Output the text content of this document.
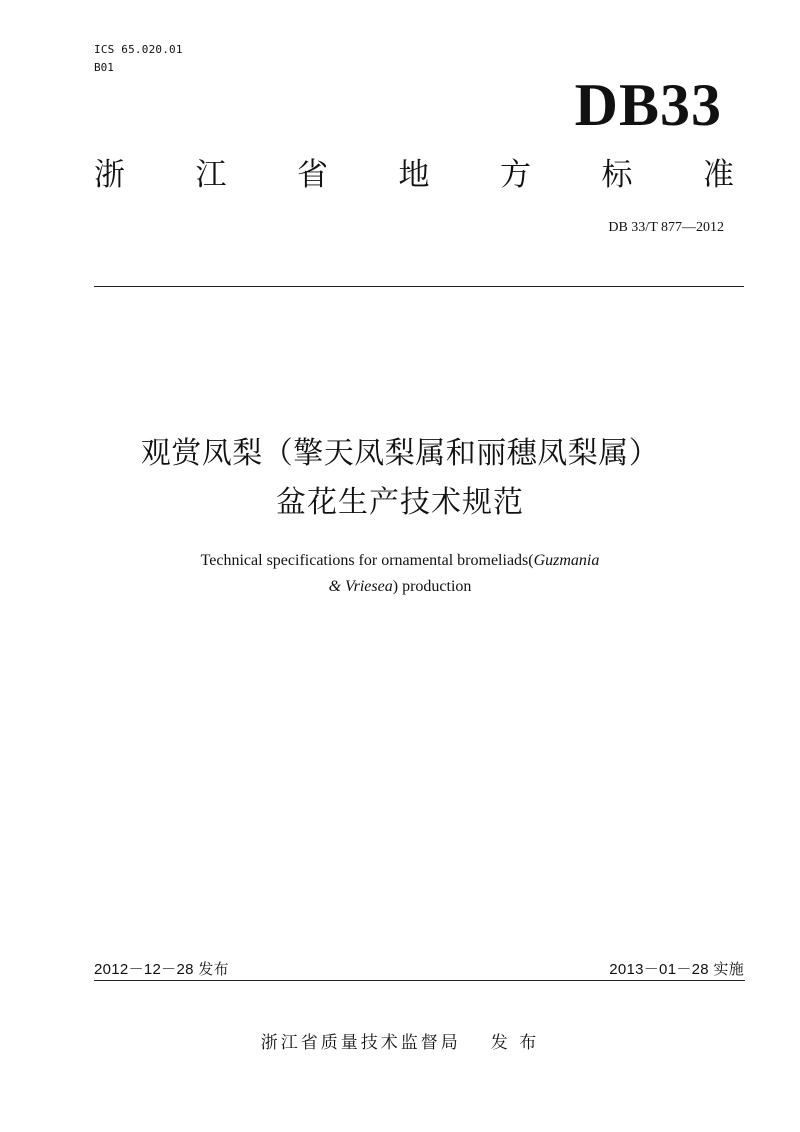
ICS 65.020.01
B01
DB33
浙 江 省 地 方 标 准
DB 33/T 877—2012
观赏凤梨（擎天凤梨属和丽穗凤梨属）
盆花生产技术规范
Technical specifications for ornamental bromeliads(Guzmania
& Vriesea) production
2012－12－28 发布	2013－01－28 实施
浙江省质量技术监督局 发 布
